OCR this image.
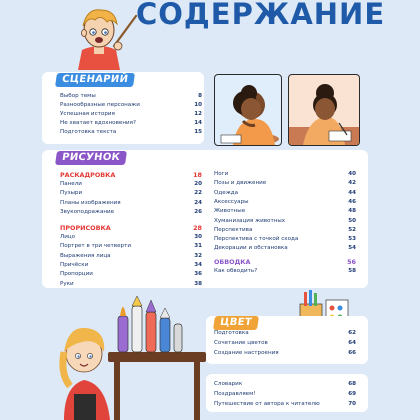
СОДЕРЖАНИЕ
СЦЕНАРИЙ
Выбор темы	8
Разнообразные персонажи	10
Успешная история	12
Не хватает вдохновения?	14
Подготовка текста	15
РИСУНОК
РАСКАДРОВКА	18
Панели	20
Пузыри	22
Планы изображения	24
Звукоподражание	26
ПРОРИСОВКА	28
Лицо	30
Портрет в три четверти	31
Выражения лица	32
Причёски	34
Пропорции	36
Руки	38
Ноги	40
Позы и движение	42
Одежда	44
Аксессуары	46
Животные	48
Хуманизация животных	50
Перспектива	52
Перспектива с точкой схода	53
Декорации и обстановка	54
ОБВОДКА	56
Как обводить?	58
ЦВЕТ
Подготовка	62
Сочетание цветов	64
Создание настроения	66
Словарик	68
Поздравляем!	69
Путешествие от автора к читателю	70
